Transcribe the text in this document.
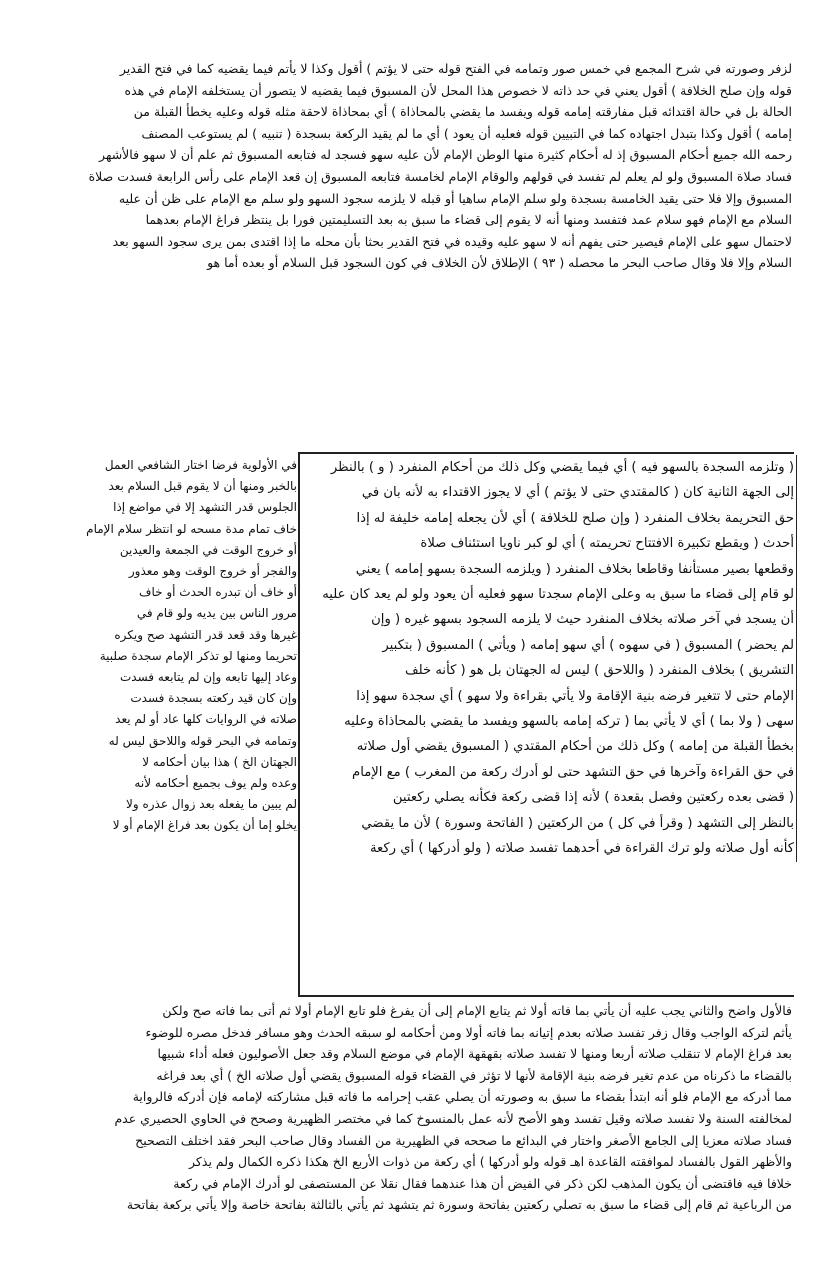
لزفر وصورته في شرح المجمع في خمس صور وتمامه في الفتح قوله حتى لا يؤتم ) أقول وكذا لا يأتم فيما يقضيه كما في فتح القدير
قوله وإن صلح الخلافة ) أقول يعني في حد ذاته لا خصوص هذا المحل لأن المسبوق فيما يقضيه لا يتصور أن يستخلفه الإمام في هذه
الحالة بل في حالة اقتدائه قبل مفارقته إمامه قوله ويفسد ما يقضي بالمحاذاة ) أي بمحاذاة لاحقة مثله قوله وعليه يخطأ القبلة من
إمامه ) أقول وكذا بتبدل اجتهاده كما في التبيين قوله فعليه أن يعود ) أي ما لم يقيد الركعة بسجدة ( تنبيه ) لم يستوعب المصنف
رحمه الله جميع أحكام المسبوق إذ له أحكام كثيرة منها الوطن الإمام لأن عليه سهو فسجد له فتابعه المسبوق ثم علم أن لا سهو فالأشهر
فساد صلاة المسبوق ولو لم يعلم لم تفسد في قولهم والوقام الإمام لخامسة فتابعه المسبوق إن قعد الإمام على رأس الرابعة فسدت صلاة
المسبوق وإلا فلا حتى يقيد الخامسة بسجدة ولو سلم الإمام ساهيا أو قبله لا يلزمه سجود السهو ولو سلم مع الإمام على ظن أن عليه
السلام مع الإمام فهو سلام عمد فتفسد ومنها أنه لا يقوم إلى قضاء ما سبق به بعد التسليمتين فورا بل ينتظر فراغ الإمام بعدهما
لاحتمال سهو على الإمام فيصير حتى يفهم أنه لا سهو عليه وقيده في فتح القدير بحثا بأن محله ما إذا اقتدى بمن يرى سجود السهو بعد
السلام وإلا فلا وقال صاحب البحر ما محصله ( ٩٣ ) الإطلاق لأن الخلاف في كون السجود قبل السلام أو بعده أما هو
( وتلزمه السجدة بالسهو فيه ) أي فيما يقضي وكل ذلك من أحكام المنفرد ( و ) بالنظر
إلى الجهة الثانية كان ( كالمقتدي حتى لا يؤتم ) أي لا يجوز الاقتداء به لأنه بان في
حق التحريمة بخلاف المنفرد ( وإن صلح للخلافة ) أي لأن يجعله إمامه خليفة له إذا
أحدث ( ويقطع تكبيرة الافتتاح تحريمته ) أي لو كبر ناويا استئناف صلاة
وقطعها بصير مستأنفا وقاطعا بخلاف المنفرد ( ويلزمه السجدة بسهو إمامه ) يعني
لو قام إلى قضاء ما سبق به وعلى الإمام سجدتا سهو فعليه أن يعود ولو لم يعد كان عليه
أن يسجد في آخر صلاته بخلاف المنفرد حيث لا يلزمه السجود بسهو غيره ( وإن
لم يحضر ) المسبوق ( في سهوه ) أي سهو إمامه ( ويأتي ) المسبوق ( بتكبير
التشريق ) بخلاف المنفرد ( واللاحق ) ليس له الجهتان بل هو ( كأنه خلف
الإمام حتى لا تتغير فرضه بنية الإقامة ولا يأتي بقراءة ولا سهو ) أي سجدة سهو إذا
سهى ( ولا بما ) أي لا يأتي بما ( تركه إمامه بالسهو ويفسد ما يقضي بالمحاذاة وعليه
بخطأ القبلة من إمامه ) وكل ذلك من أحكام المقتدي ( المسبوق يقضي أول صلاته
في حق القراءة وآخرها في حق التشهد حتى لو أدرك ركعة من المغرب ) مع الإمام
( قضى بعده ركعتين وفصل بقعدة ) لأنه إذا قضى ركعة فكأنه يصلي ركعتين
بالنظر إلى التشهد ( وقرأ في كل ) من الركعتين ( الفاتحة وسورة ) لأن ما يقضي
كأنه أول صلاته ولو ترك القراءة في أحدهما تفسد صلاته ( ولو أدركها ) أي ركعة
في الأولوية فرضا اختار الشافعي العمل
بالخبر ومنها أن لا يقوم قبل السلام بعد
الجلوس قدر التشهد إلا في مواضع إذا
خاف تمام مدة مسحه لو انتظر سلام الإمام
أو خروج الوقت في الجمعة والعيدين
والفجر أو خروج الوقت وهو معذور
أو خاف أن تبدره الحدث أو خاف
مرور الناس بين يديه ولو قام في
غيرها وقد قعد قدر التشهد صح ويكره
تحريما ومنها لو تذكر الإمام سجدة صلبية
وعاد إليها تابعه وإن لم يتابعه فسدت
وإن كان قيد ركعته بسجدة فسدت
صلاته في الروايات كلها عاد أو لم يعد
وتمامه في البحر قوله واللاحق ليس له
الجهتان الخ ) هذا بيان أحكامه لا
وعده ولم يوف بجميع أحكامه لأنه
لم يبين ما يفعله بعد زوال عذره ولا
يخلو إما أن يكون بعد فراغ الإمام أو لا
فالأول واضح والثاني يجب عليه أن يأتي بما فاته أولا ثم يتابع الإمام إلى أن يفرغ فلو تابع الإمام أولا ثم أتى بما فاته صح ولكن
يأثم لتركه الواجب وقال زفر تفسد صلاته بعدم إتيانه بما فاته أولا ومن أحكامه لو سبقه الحدث وهو مسافر فدخل مصره للوضوء
بعد فراغ الإمام لا تنقلب صلاته أربعا ومنها لا تفسد صلاته بقهقهة الإمام في موضع السلام وقد جعل الأصوليون فعله أداء شبيها
بالقضاء ما ذكرناه من عدم تغير فرضه بنية الإقامة لأنها لا تؤثر في القضاء قوله المسبوق يقضي أول صلاته الخ ) أي بعد فراغه
مما أدركه مع الإمام فلو أنه ابتدأ بقضاء ما سبق به وصورته أن يصلي عقب إحرامه ما فاته قبل مشاركته لإمامه فإن أدركه فالرواية
لمخالفته السنة ولا تفسد صلاته وقيل تفسد وهو الأصح لأنه عمل بالمنسوخ كما في مختصر الظهيرية وصحح في الحاوي الحصيري عدم
فساد صلاته معزيا إلى الجامع الأصغر واختار في البدائع ما صححه في الظهيرية من الفساد وقال صاحب البحر فقد اختلف التصحيح
والأظهر القول بالفساد لموافقته القاعدة اهـ قوله ولو أدركها ) أي ركعة من ذوات الأربع الخ هكذا ذكره الكمال ولم يذكر
خلافا فيه فاقتضى أن يكون المذهب لكن ذكر في الفيض أن هذا عندهما فقال نقلا عن المستصفى لو أدرك الإمام في ركعة
من الرباعية ثم قام إلى قضاء ما سبق به تصلي ركعتين بفاتحة وسورة ثم يتشهد ثم يأتي بالثالثة بفاتحة خاصة وإلا يأتي بركعة بفاتحة
